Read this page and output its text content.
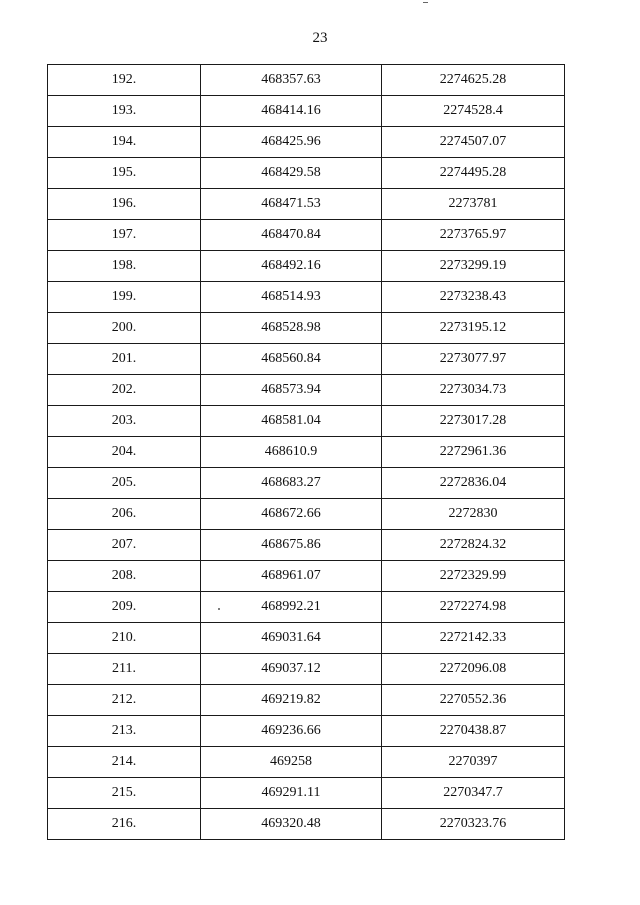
23
192.	468357.63	2274625.28
193.	468414.16	2274528.4
194.	468425.96	2274507.07
195.	468429.58	2274495.28
196.	468471.53	2273781
197.	468470.84	2273765.97
198.	468492.16	2273299.19
199.	468514.93	2273238.43
200.	468528.98	2273195.12
201.	468560.84	2273077.97
202.	468573.94	2273034.73
203.	468581.04	2273017.28
204.	468610.9	2272961.36
205.	468683.27	2272836.04
206.	468672.66	2272830
207.	468675.86	2272824.32
208.	468961.07	2272329.99
209.	468992.21	2272274.98
210.	469031.64	2272142.33
211.	469037.12	2272096.08
212.	469219.82	2270552.36
213.	469236.66	2270438.87
214.	469258	2270397
215.	469291.11	2270347.7
216.	469320.48	2270323.76
